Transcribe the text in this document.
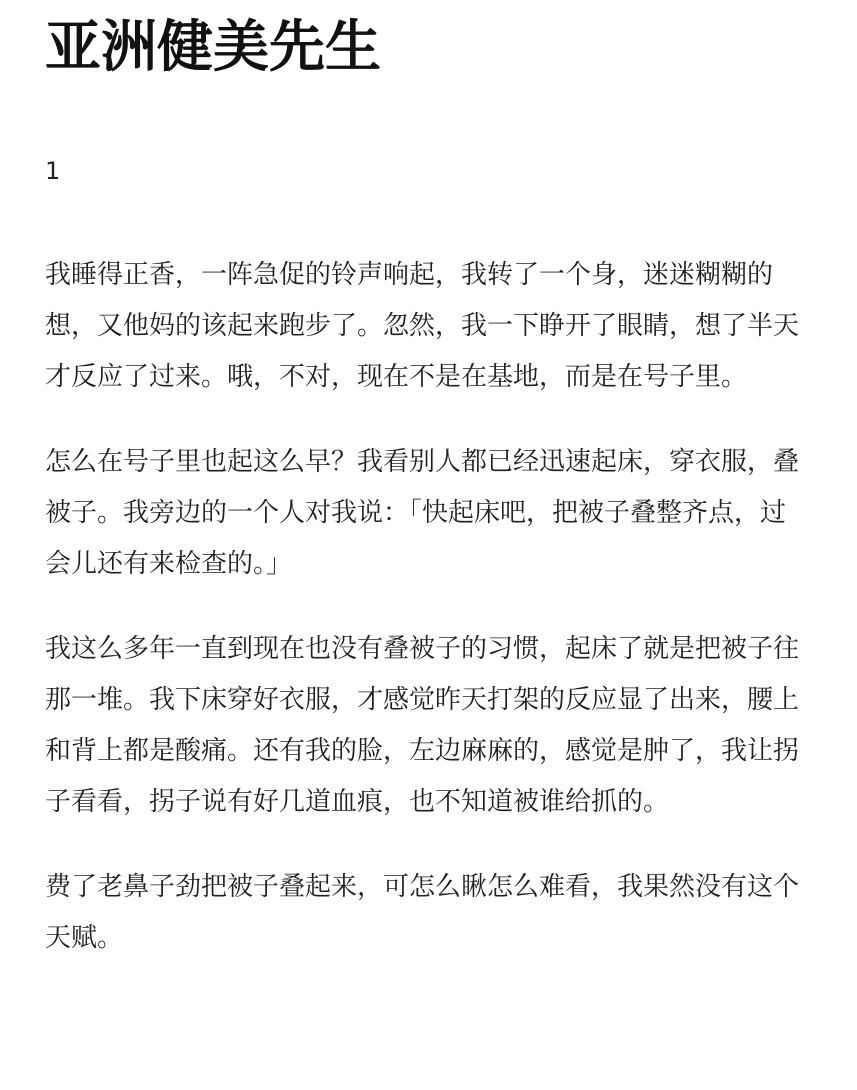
亚洲健美先生
1

我睡得正香，一阵急促的铃声响起，我转了一个身，迷迷糊糊的想，又他妈的该起来跑步了。忽然，我一下睁开了眼睛，想了半天才反应了过来。哦，不对，现在不是在基地，而是在号子里。

怎么在号子里也起这么早？我看别人都已经迅速起床，穿衣服，叠被子。我旁边的一个人对我说：「快起床吧，把被子叠整齐点，过会儿还有来检查的。」

我这么多年一直到现在也没有叠被子的习惯，起床了就是把被子往那一堆。我下床穿好衣服，才感觉昨天打架的反应显了出来，腰上和背上都是酸痛。还有我的脸，左边麻麻的，感觉是肿了，我让拐子看看，拐子说有好几道血痕，也不知道被谁给抓的。

费了老鼻子劲把被子叠起来，可怎么瞅怎么难看，我果然没有这个天赋。
